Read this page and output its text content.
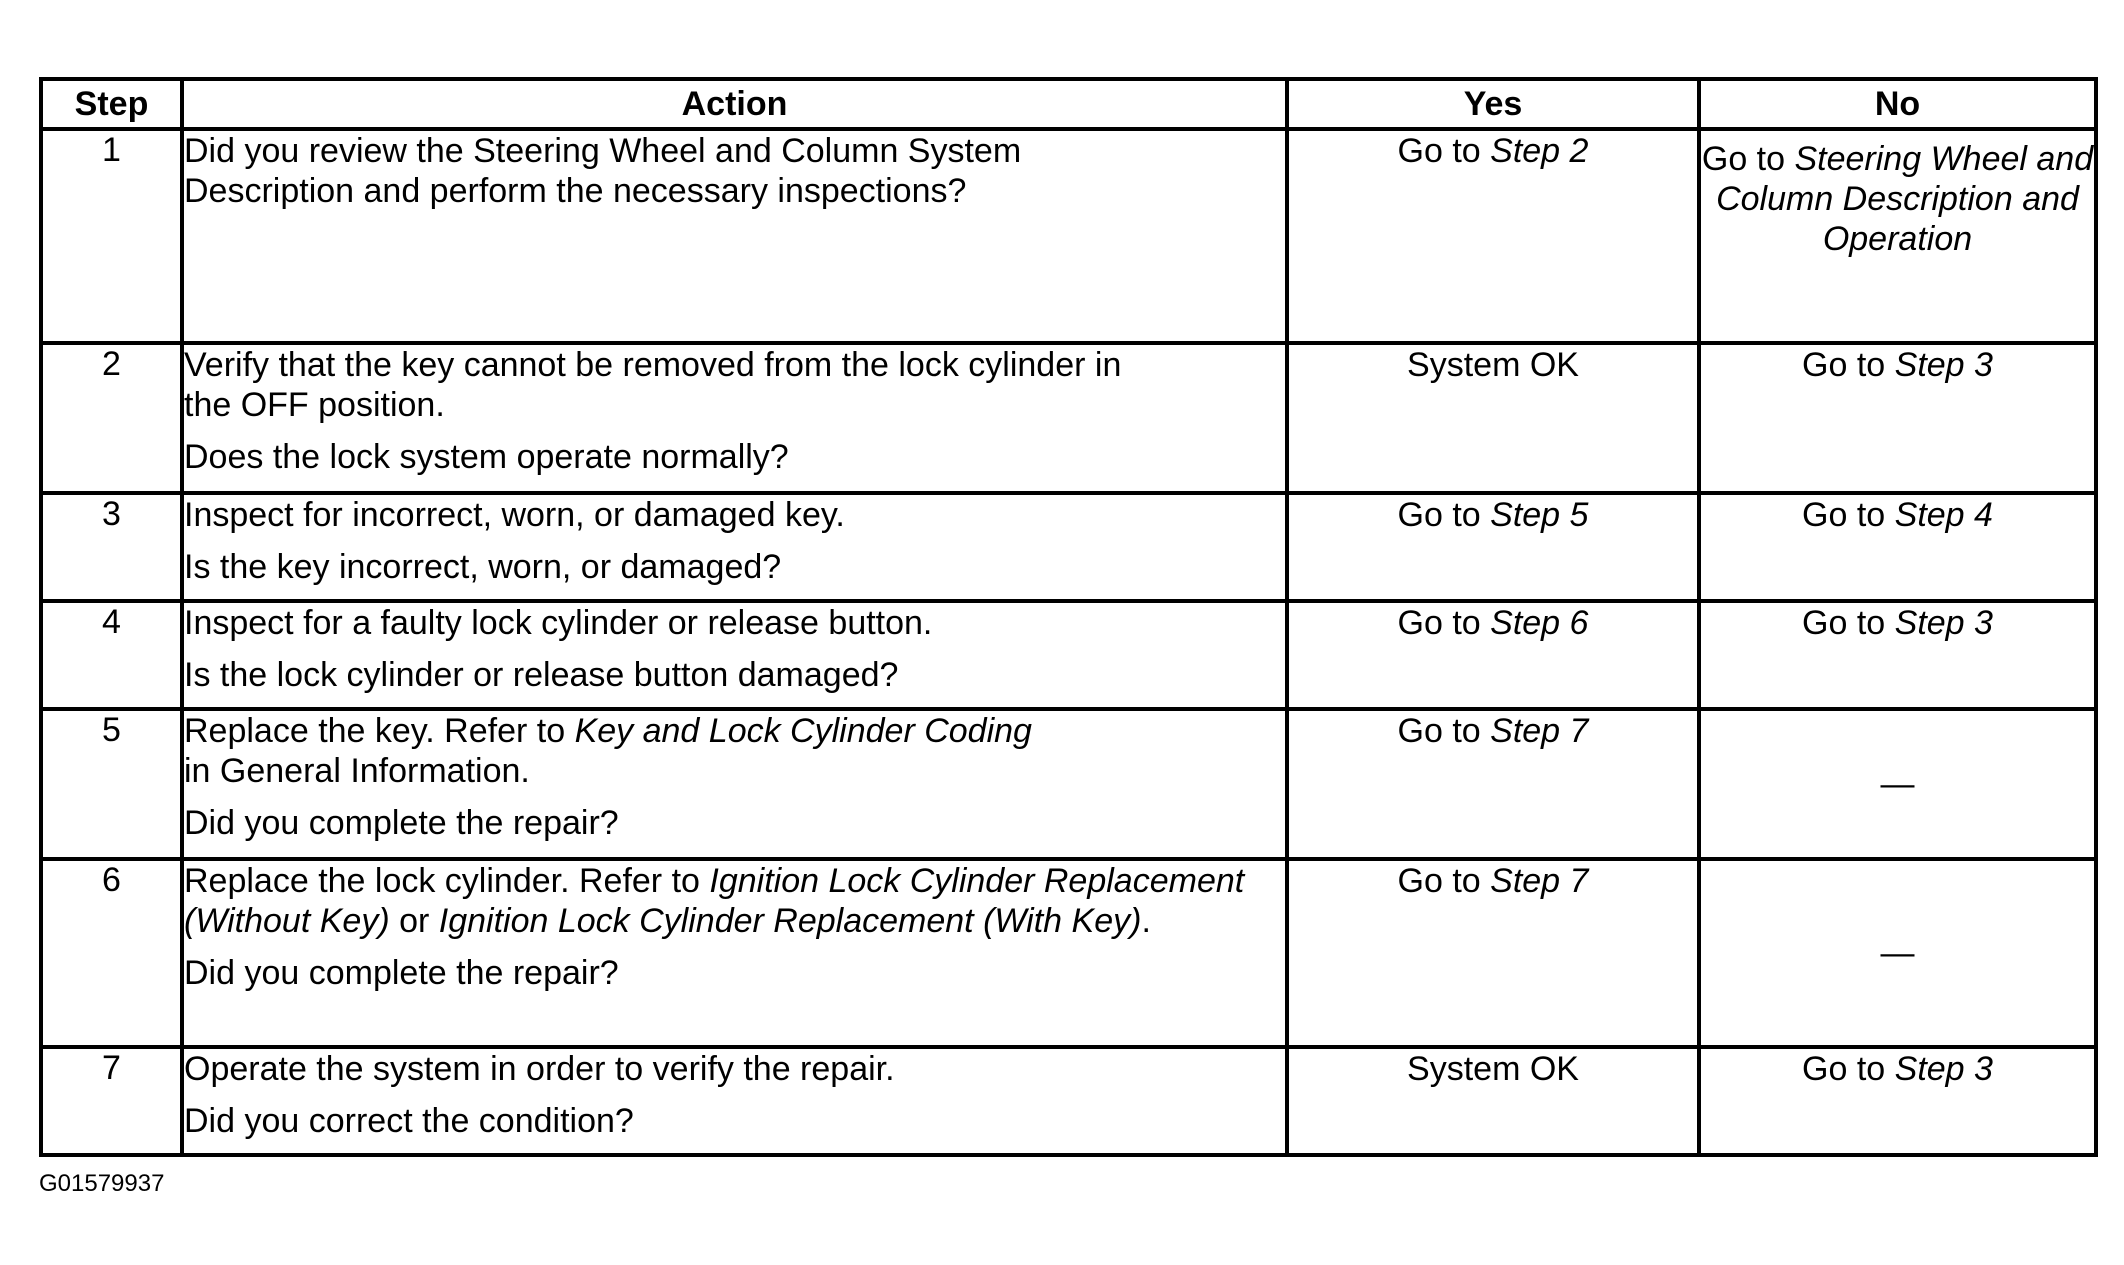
Step	Action	Yes	No
1	Did you review the Steering Wheel and Column System
Description and perform the necessary inspections?	Go to Step 2	Go to Steering Wheel and Column Description and Operation
2	Verify that the key cannot be removed from the lock cylinder in
the OFF position.
Does the lock system operate normally?	System OK	Go to Step 3
3	Inspect for incorrect, worn, or damaged key.
Is the key incorrect, worn, or damaged?	Go to Step 5	Go to Step 4
4	Inspect for a faulty lock cylinder or release button.
Is the lock cylinder or release button damaged?	Go to Step 6	Go to Step 3
5	Replace the key. Refer to Key and Lock Cylinder Coding
in General Information.
Did you complete the repair?	Go to Step 7	—
6	Replace the lock cylinder. Refer to Ignition Lock Cylinder Replacement (Without Key) or Ignition Lock Cylinder Replacement (With Key).
Did you complete the repair?	Go to Step 7	—
7	Operate the system in order to verify the repair.
Did you correct the condition?	System OK	Go to Step 3
G01579937
